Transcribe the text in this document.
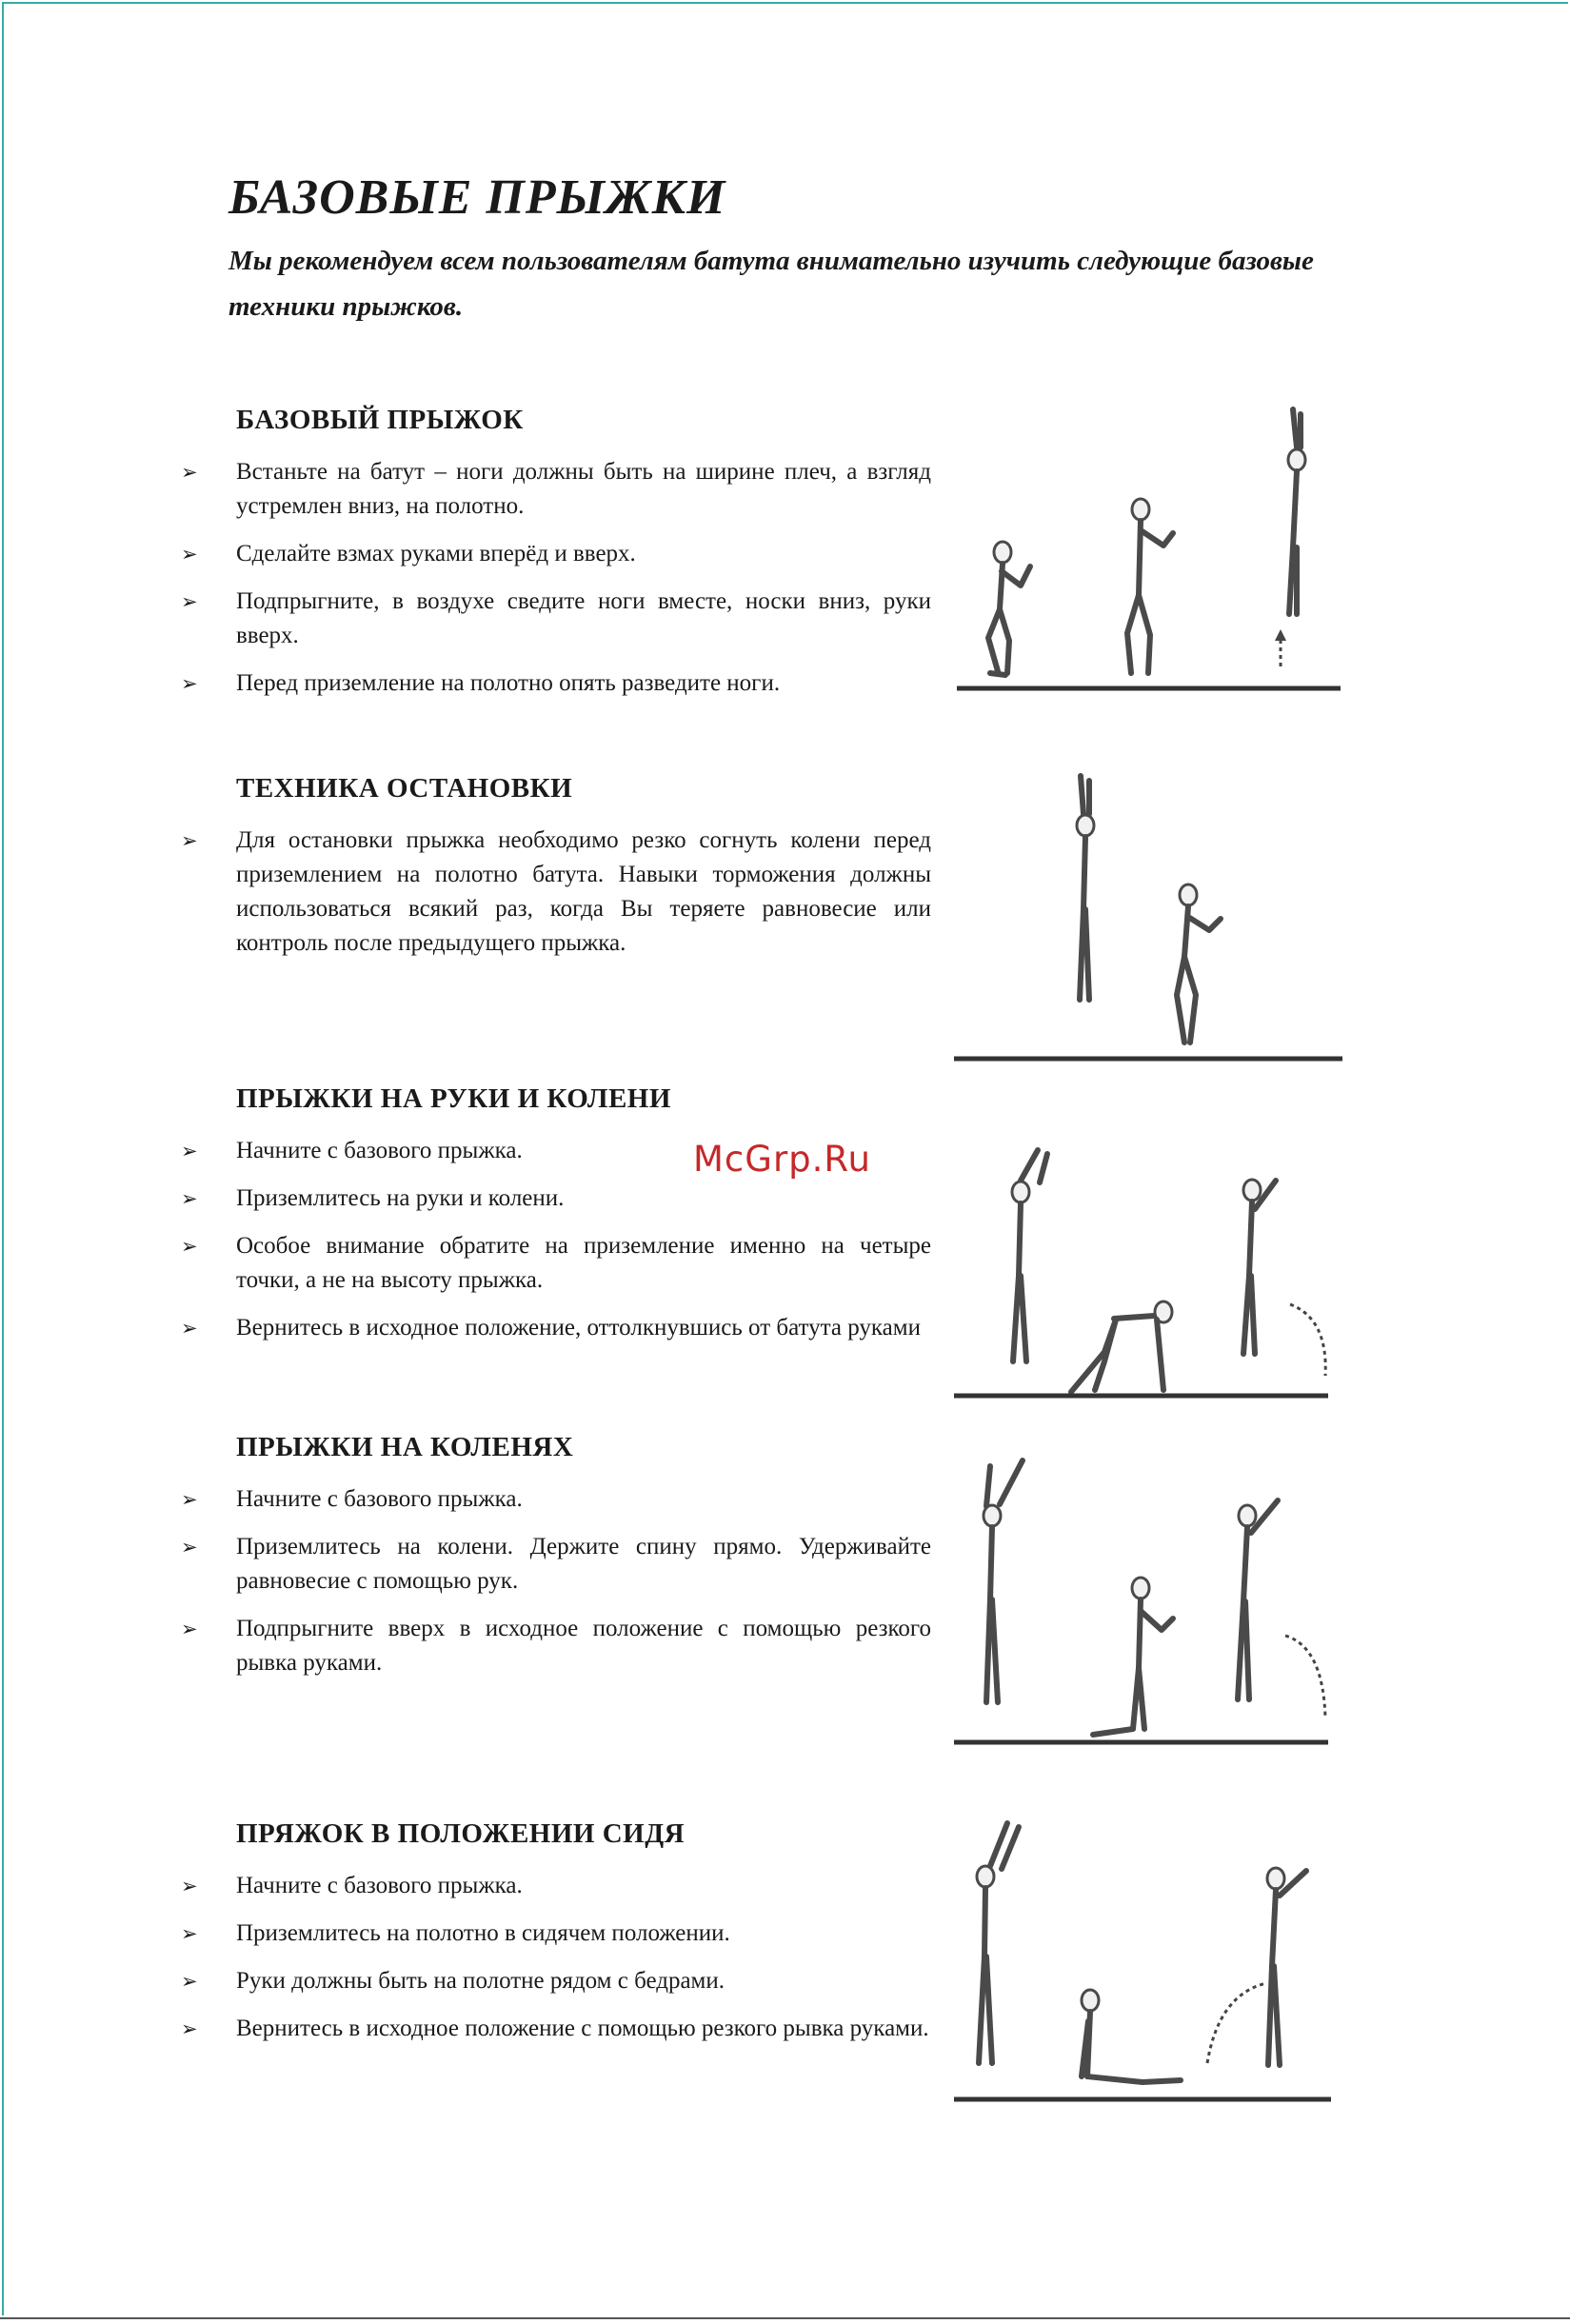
БАЗОВЫЕ ПРЫЖКИ
Мы рекомендуем всем пользователям батута внимательно изучить следующие базовые техники прыжков.
McGrp.Ru
БАЗОВЫЙ ПРЫЖОК
➢ Встаньте на батут – ноги должны быть на ширине плеч, а взгляд устремлен вниз, на полотно.
➢ Сделайте взмах руками вперёд и вверх.
➢ Подпрыгните, в воздухе сведите ноги вместе, носки вниз, руки вверх.
➢ Перед приземление на полотно опять разведите ноги.
ТЕХНИКА ОСТАНОВКИ
➢ Для остановки прыжка необходимо резко согнуть колени перед приземлением на полотно батута. Навыки торможения должны использоваться всякий раз, когда Вы теряете равновесие или контроль после предыдущего прыжка.
ПРЫЖКИ НА РУКИ И КОЛЕНИ
➢ Начните с базового прыжка.
➢ Приземлитесь на руки и колени.
➢ Особое внимание обратите на приземление именно на четыре точки, а не на высоту прыжка.
➢ Вернитесь в исходное положение, оттолкнувшись от батута руками
ПРЫЖКИ НА КОЛЕНЯХ
➢ Начните с базового прыжка.
➢ Приземлитесь на колени. Держите спину прямо. Удерживайте равновесие с помощью рук.
➢ Подпрыгните вверх в исходное положение с помощью резкого рывка руками.
ПРЯЖОК В ПОЛОЖЕНИИ СИДЯ
➢ Начните с базового прыжка.
➢ Приземлитесь на полотно в сидячем положении.
➢ Руки должны быть на полотне рядом с бедрами.
➢ Вернитесь в исходное положение с помощью резкого рывка руками.
